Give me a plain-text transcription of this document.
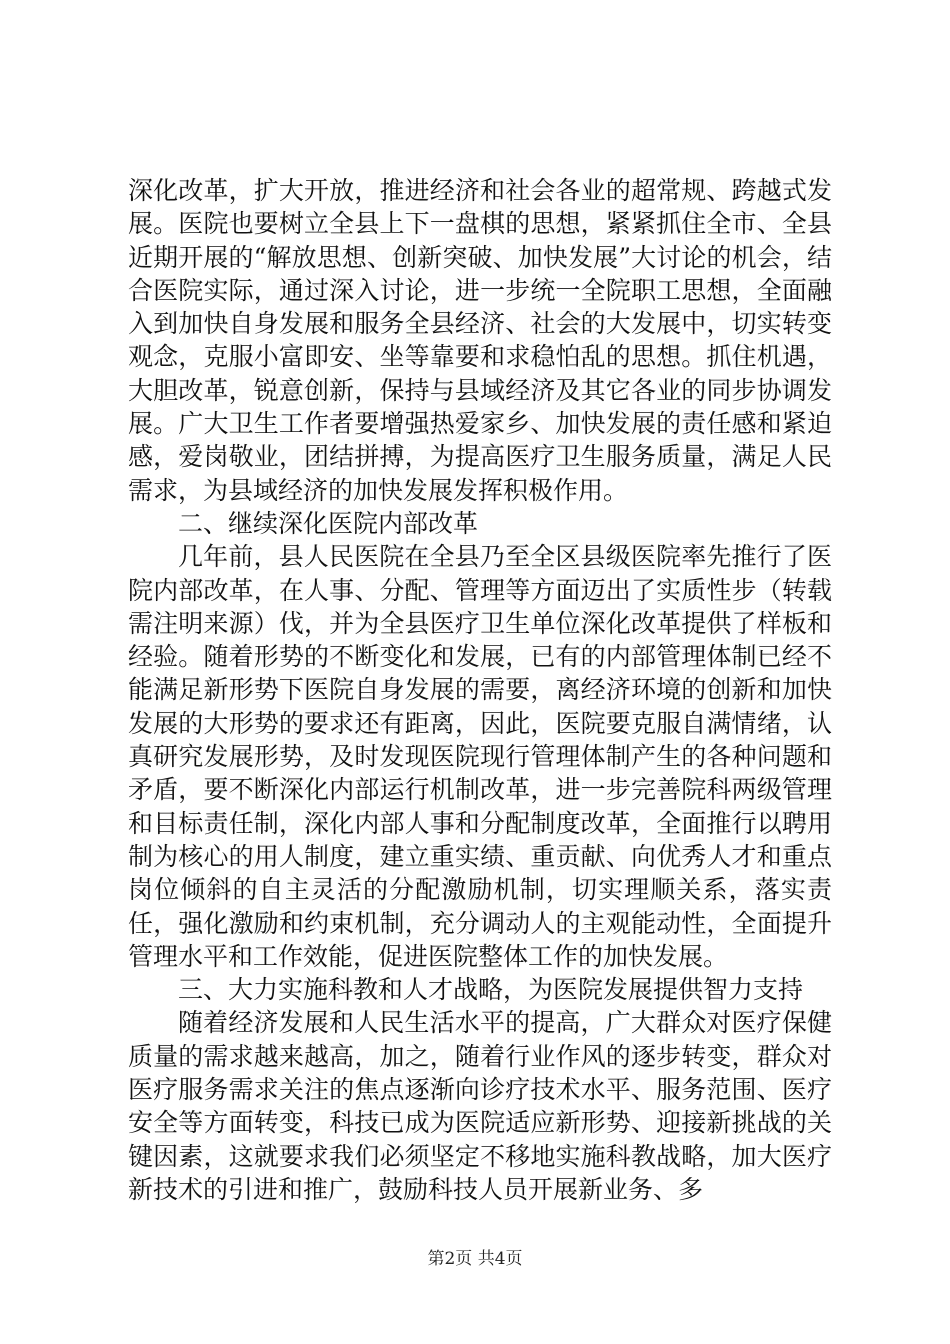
深化改革，扩大开放，推进经济和社会各业的超常规、跨越式发展。医院也要树立全县上下一盘棋的思想，紧紧抓住全市、全县近期开展的“解放思想、创新突破、加快发展”大讨论的机会，结合医院实际，通过深入讨论，进一步统一全院职工思想，全面融入到加快自身发展和服务全县经济、社会的大发展中，切实转变观念，克服小富即安、坐等靠要和求稳怕乱的思想。抓住机遇，大胆改革，锐意创新，保持与县域经济及其它各业的同步协调发展。广大卫生工作者要增强热爱家乡、加快发展的责任感和紧迫感，爱岗敬业，团结拼搏，为提高医疗卫生服务质量，满足人民需求，为县域经济的加快发展发挥积极作用。

二、继续深化医院内部改革

几年前，县人民医院在全县乃至全区县级医院率先推行了医院内部改革，在人事、分配、管理等方面迈出了实质性步（转载需注明来源）伐，并为全县医疗卫生单位深化改革提供了样板和经验。随着形势的不断变化和发展，已有的内部管理体制已经不能满足新形势下医院自身发展的需要，离经济环境的创新和加快发展的大形势的要求还有距离，因此，医院要克服自满情绪，认真研究发展形势，及时发现医院现行管理体制产生的各种问题和矛盾，要不断深化内部运行机制改革，进一步完善院科两级管理和目标责任制，深化内部人事和分配制度改革，全面推行以聘用制为核心的用人制度，建立重实绩、重贡献、向优秀人才和重点岗位倾斜的自主灵活的分配激励机制，切实理顺关系，落实责任，强化激励和约束机制，充分调动人的主观能动性，全面提升管理水平和工作效能，促进医院整体工作的加快发展。

三、大力实施科教和人才战略，为医院发展提供智力支持

随着经济发展和人民生活水平的提高，广大群众对医疗保健质量的需求越来越高，加之，随着行业作风的逐步转变，群众对医疗服务需求关注的焦点逐渐向诊疗技术水平、服务范围、医疗安全等方面转变，科技已成为医院适应新形势、迎接新挑战的关键因素，这就要求我们必须坚定不移地实施科教战略，加大医疗新技术的引进和推广，鼓励科技人员开展新业务、多

第2页 共4页
